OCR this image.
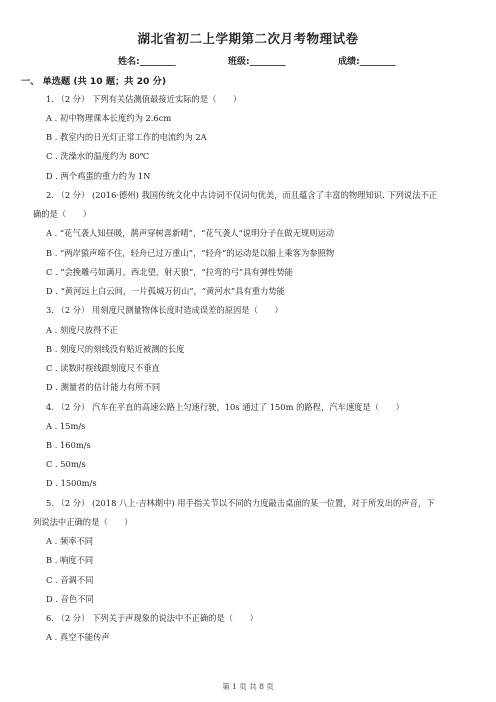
湖北省初二上学期第二次月考物理试卷
姓名:________	班级:________	成绩:________
一、 单选题 (共 10 题；共 20 分)
1. （2 分） 下列有关估测值最接近实际的是（　　）
A . 初中物理课本长度约为 2.6cm
B . 教室内的日光灯正常工作的电流约为 2A
C . 洗澡水的温度约为 80℃
D . 两个鸡蛋的重力约为 1N
2. （2 分） (2016·德州) 我国传统文化中古诗词不仅词句优美，而且蕴含了丰富的物理知识. 下列说法不正
确的是（　　）
A . “花气袭人知昼暖，鹊声穿树喜新晴”，“花气袭人”说明分子在做无规则运动
B . “两岸猿声啼不住，轻舟已过万重山”，“轻舟”的运动是以船上乘客为参照物
C . “会挽雕弓如满月，西北望，射天狼”，“拉弯的弓”具有弹性势能
D . “黄河远上白云间，一片孤城万仞山”，“黄河水”具有重力势能
3. （2 分） 用刻度尺测量物体长度时造成误差的原因是（　　）
A . 刻度尺放得不正
B . 刻度尺的刻线没有贴近被测的长度
C . 读数时视线跟刻度尺不垂直
D . 测量者的估计能力有所不同
4. （2 分） 汽车在平直的高速公路上匀速行驶，10s 通过了 150m 的路程，汽车速度是（　　）
A . 15m/s
B . 160m/s
C . 50m/s
D . 1500m/s
5. （2 分） (2018 八上·吉林期中) 用手指关节以不同的力度敲击桌面的某一位置，对于所发出的声音，下
列说法中正确的是（　　）
A . 频率不同
B . 响度不同
C . 音调不同
D . 音色不同
6. （2 分） 下列关于声现象的说法中不正确的是（　　）
A . 真空不能传声
第 1 页 共 8 页
